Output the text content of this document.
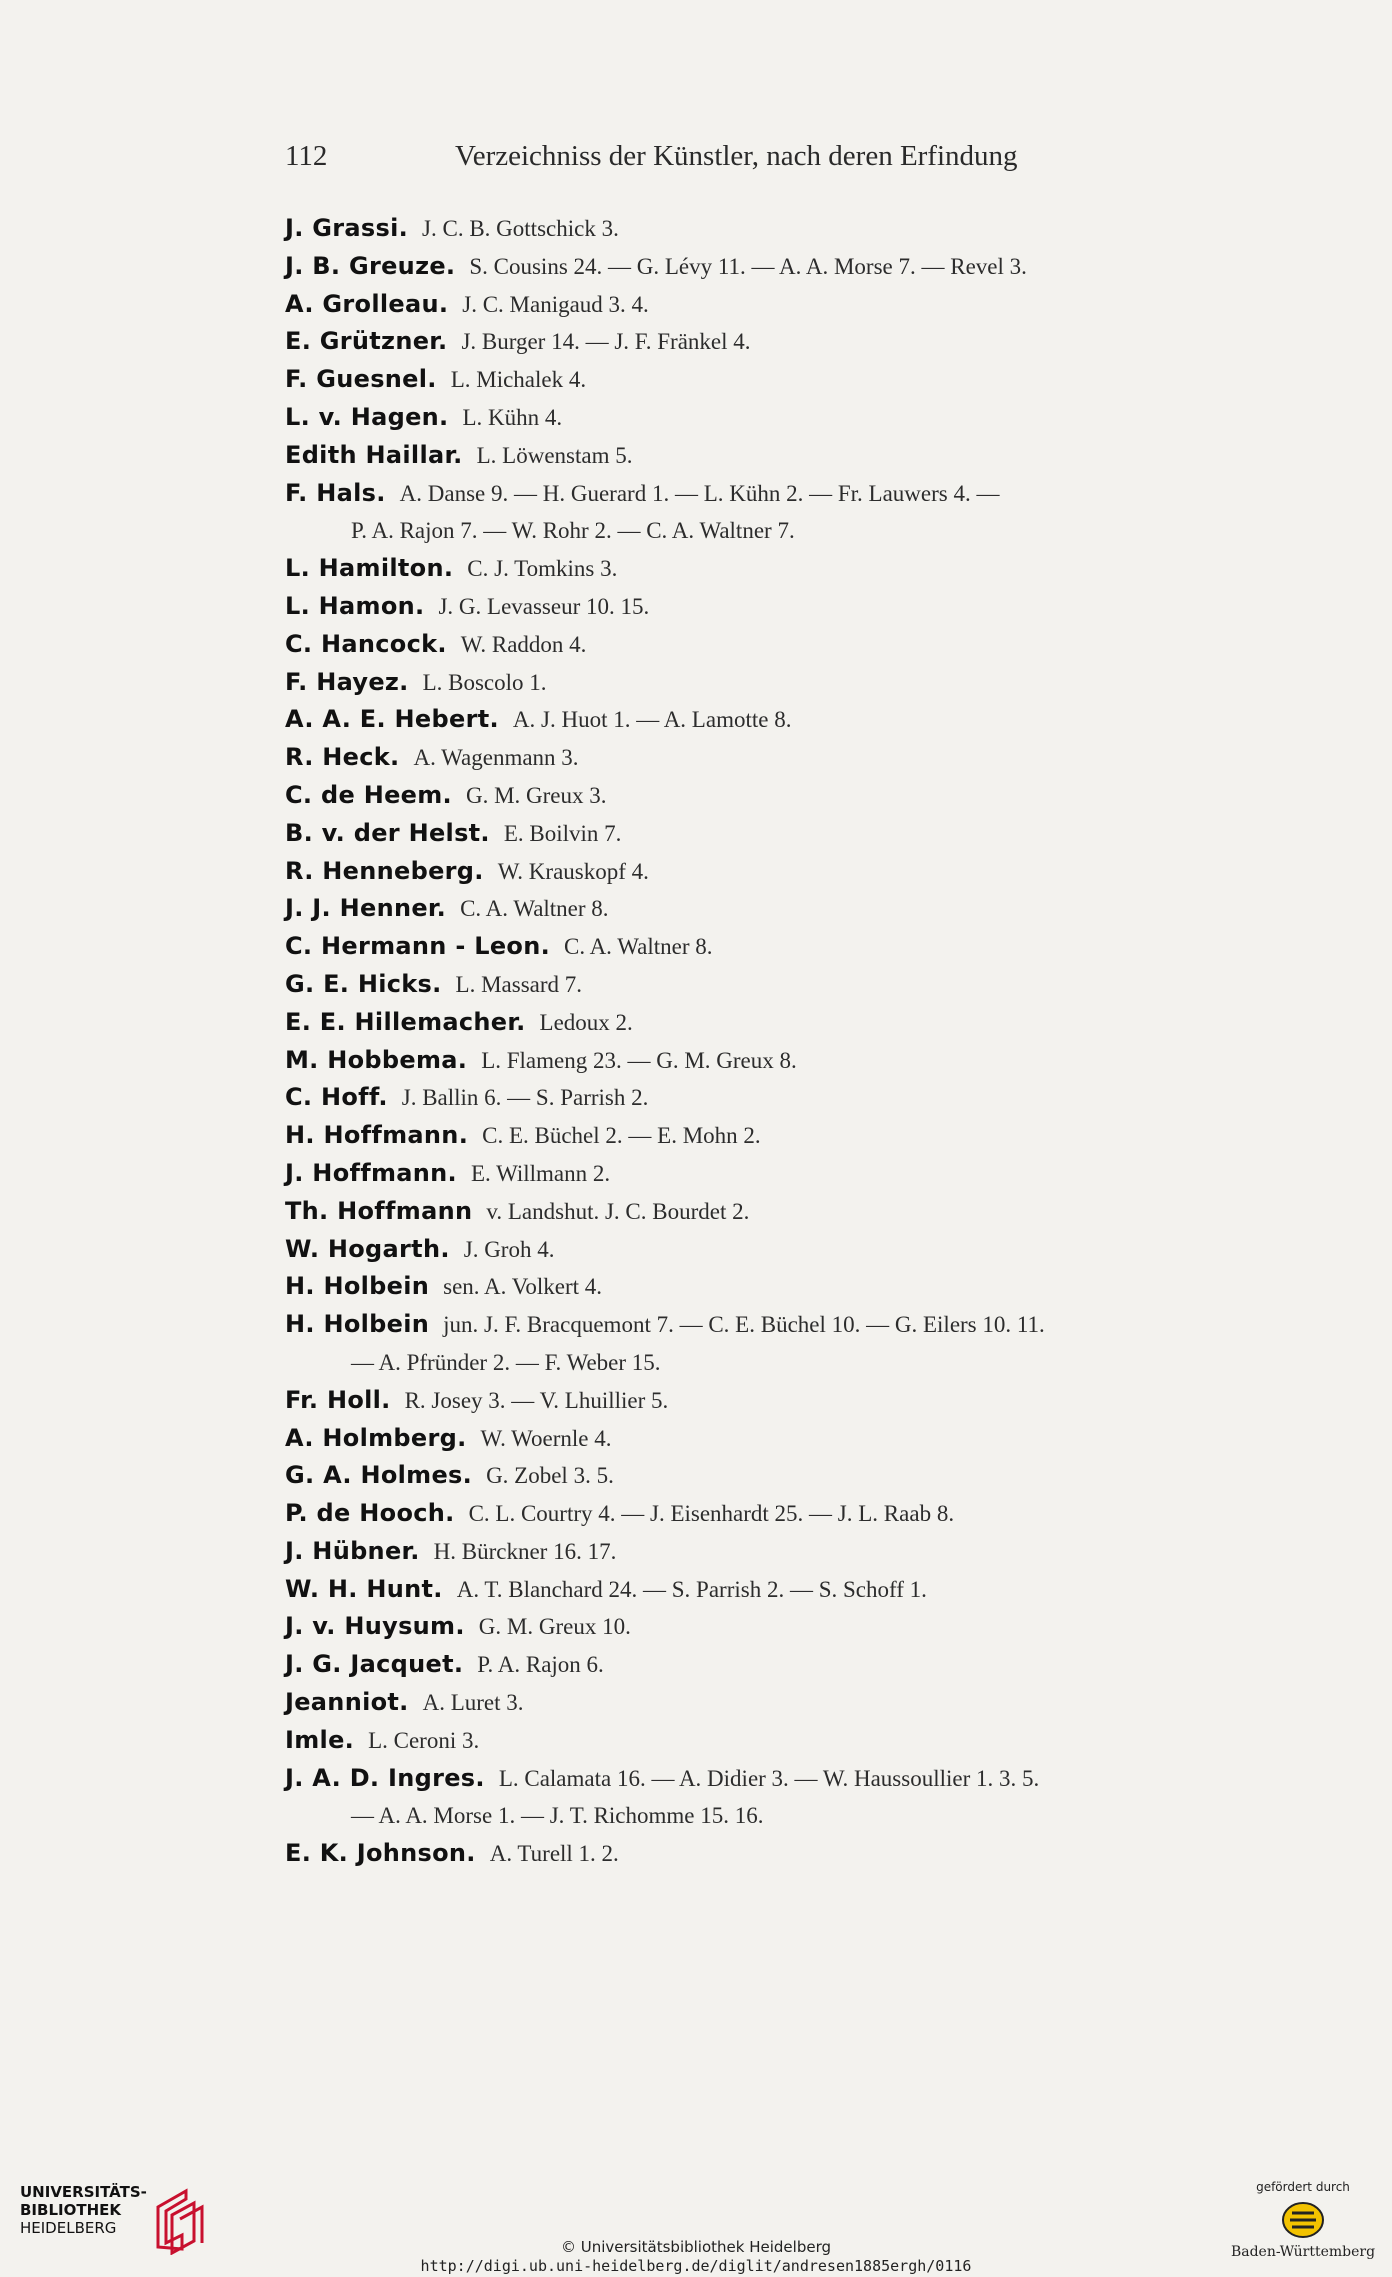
112	Verzeichniss der Künstler, nach deren Erfindung
J. Grassi. J. C. B. Gottschick 3.
J. B. Greuze. S. Cousins 24. — G. Lévy 11. — A. A. Morse 7. — Revel 3.
A. Grolleau. J. C. Manigaud 3. 4.
E. Grützner. J. Burger 14. — J. F. Fränkel 4.
F. Guesnel. L. Michalek 4.
L. v. Hagen. L. Kühn 4.
Edith Haillar. L. Löwenstam 5.
F. Hals. A. Danse 9. — H. Guerard 1. — L. Kühn 2. — Fr. Lauwers 4. —
P. A. Rajon 7. — W. Rohr 2. — C. A. Waltner 7.
L. Hamilton. C. J. Tomkins 3.
L. Hamon. J. G. Levasseur 10. 15.
C. Hancock. W. Raddon 4.
F. Hayez. L. Boscolo 1.
A. A. E. Hebert. A. J. Huot 1. — A. Lamotte 8.
R. Heck. A. Wagenmann 3.
C. de Heem. G. M. Greux 3.
B. v. der Helst. E. Boilvin 7.
R. Henneberg. W. Krauskopf 4.
J. J. Henner. C. A. Waltner 8.
C. Hermann - Leon. C. A. Waltner 8.
G. E. Hicks. L. Massard 7.
E. E. Hillemacher. Ledoux 2.
M. Hobbema. L. Flameng 23. — G. M. Greux 8.
C. Hoff. J. Ballin 6. — S. Parrish 2.
H. Hoffmann. C. E. Büchel 2. — E. Mohn 2.
J. Hoffmann. E. Willmann 2.
Th. Hoffmann v. Landshut. J. C. Bourdet 2.
W. Hogarth. J. Groh 4.
H. Holbein sen. A. Volkert 4.
H. Holbein jun. J. F. Bracquemont 7. — C. E. Büchel 10. — G. Eilers 10. 11.
— A. Pfründer 2. — F. Weber 15.
Fr. Holl. R. Josey 3. — V. Lhuillier 5.
A. Holmberg. W. Woernle 4.
G. A. Holmes. G. Zobel 3. 5.
P. de Hooch. C. L. Courtry 4. — J. Eisenhardt 25. — J. L. Raab 8.
J. Hübner. H. Bürckner 16. 17.
W. H. Hunt. A. T. Blanchard 24. — S. Parrish 2. — S. Schoff 1.
J. v. Huysum. G. M. Greux 10.
J. G. Jacquet. P. A. Rajon 6.
Jeanniot. A. Luret 3.
Imle. L. Ceroni 3.
J. A. D. Ingres. L. Calamata 16. — A. Didier 3. — W. Haussoullier 1. 3. 5.
— A. A. Morse 1. — J. T. Richomme 15. 16.
E. K. Johnson. A. Turell 1. 2.
UNIVERSITÄTS-
BIBLIOTHEK
HEIDELBERG
© Universitätsbibliothek Heidelberg
http://digi.ub.uni-heidelberg.de/diglit/andresen1885ergh/0116
gefördert durch
Baden-Württemberg
